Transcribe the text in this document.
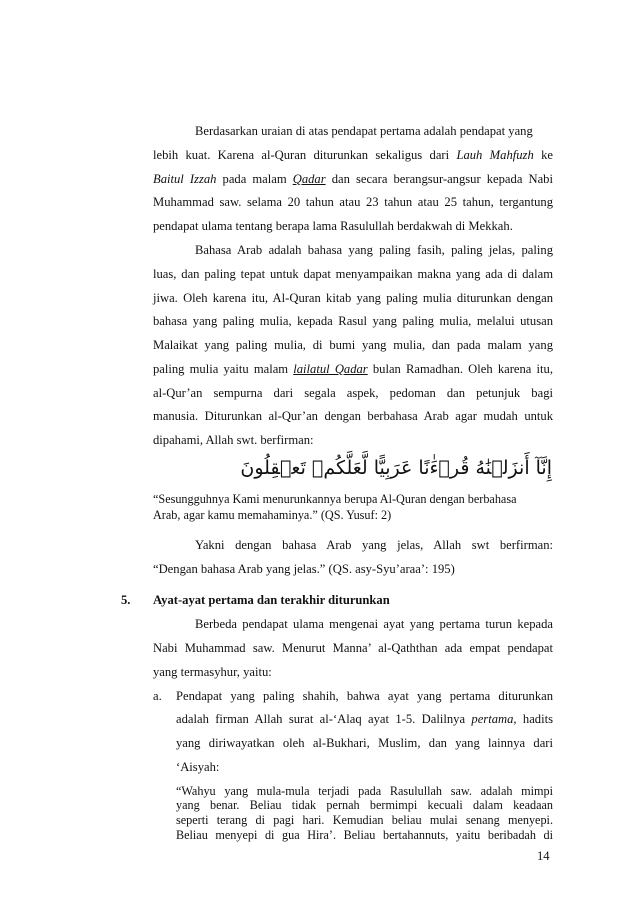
Berdasarkan uraian di atas pendapat pertama adalah pendapat yang
lebih kuat. Karena al-Quran diturunkan sekaligus dari Lauh Mahfuzh ke
Baitul Izzah pada malam Qadar dan secara berangsur-angsur kepada Nabi
Muhammad saw. selama 20 tahun atau 23 tahun atau 25 tahun, tergantung
pendapat ulama tentang berapa lama Rasulullah berdakwah di Mekkah.
Bahasa Arab adalah bahasa yang paling fasih, paling jelas, paling
luas, dan paling tepat untuk dapat menyampaikan makna yang ada di dalam
jiwa. Oleh karena itu, Al-Quran kitab yang paling mulia diturunkan dengan
bahasa yang paling mulia, kepada Rasul yang paling mulia, melalui utusan
Malaikat yang paling mulia, di bumi yang mulia, dan pada malam yang
paling mulia yaitu malam lailatul Qadar bulan Ramadhan. Oleh karena itu,
al-Qur’an sempurna dari segala aspek, pedoman dan petunjuk bagi
manusia. Diturunkan al-Qur’an dengan berbahasa Arab agar mudah untuk
dipahami, Allah swt. berfirman:
إِنَّآ أَنزَلۡنَٰهُ قُرۡءَٰنًا عَرَبِيًّا لَّعَلَّكُمۡ تَعۡقِلُونَ
“Sesungguhnya Kami menurunkannya berupa Al-Quran dengan berbahasa
Arab, agar kamu memahaminya.” (QS. Yusuf: 2)
Yakni dengan bahasa Arab yang jelas, Allah swt berfirman:
“Dengan bahasa Arab yang jelas.” (QS. asy-Syu’araa’: 195)
5. Ayat-ayat pertama dan terakhir diturunkan
Berbeda pendapat ulama mengenai ayat yang pertama turun kepada
Nabi Muhammad saw. Menurut Manna’ al-Qaththan ada empat pendapat
yang termasyhur, yaitu:
a. Pendapat yang paling shahih, bahwa ayat yang pertama diturunkan
adalah firman Allah surat al-‘Alaq ayat 1-5. Dalilnya pertama, hadits
yang diriwayatkan oleh al-Bukhari, Muslim, dan yang lainnya dari
‘Aisyah:
“Wahyu yang mula-mula terjadi pada Rasulullah saw. adalah mimpi
yang benar. Beliau tidak pernah bermimpi kecuali dalam keadaan
seperti terang di pagi hari. Kemudian beliau mulai senang menyepi.
Beliau menyepi di gua Hira’. Beliau bertahannuts, yaitu beribadah di
14
